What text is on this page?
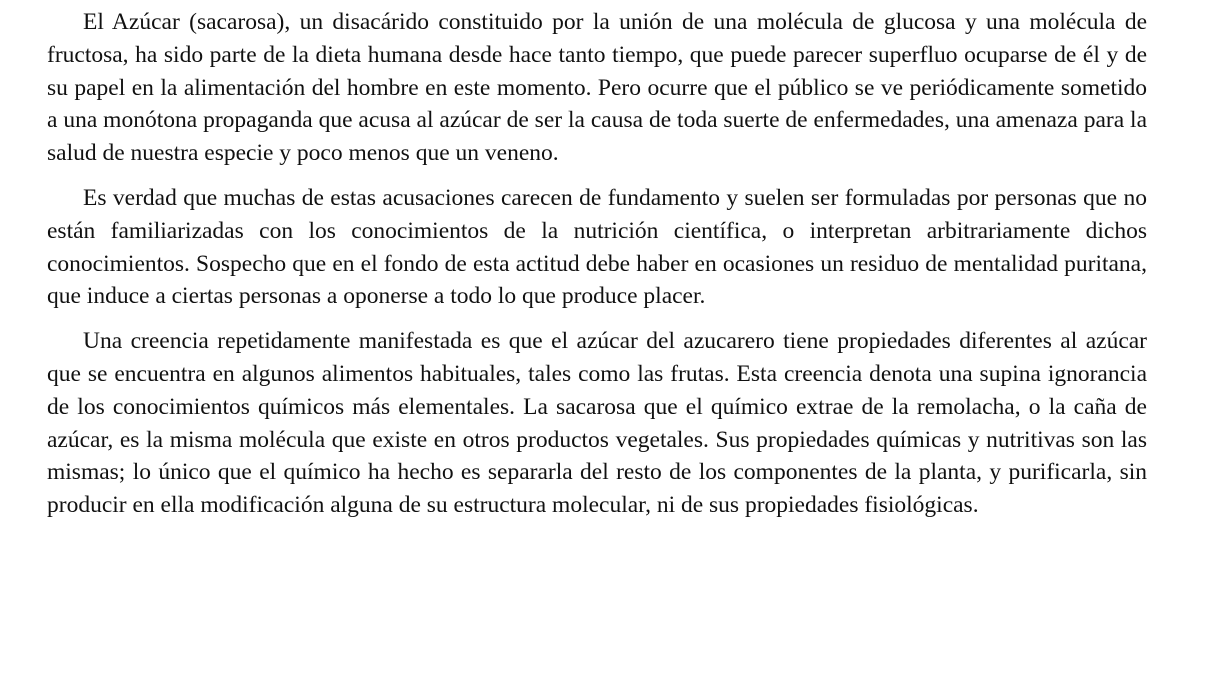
El Azúcar (sacarosa), un disacárido constituido por la unión de una molécula de glucosa y una molécula de fructosa, ha sido parte de la dieta humana desde hace tanto tiempo, que puede parecer superfluo ocuparse de él y de su papel en la alimentación del hombre en este momento. Pero ocurre que el público se ve periódicamente sometido a una monótona propaganda que acusa al azúcar de ser la causa de toda suerte de enfermedades, una amenaza para la salud de nuestra especie y poco menos que un veneno.

Es verdad que muchas de estas acusaciones carecen de fundamento y suelen ser formuladas por personas que no están familiarizadas con los conocimientos de la nutrición científica, o interpretan arbitrariamente dichos conocimientos. Sospecho que en el fondo de esta actitud debe haber en ocasiones un residuo de mentalidad puritana, que induce a ciertas personas a oponerse a todo lo que produce placer.

Una creencia repetidamente manifestada es que el azúcar del azucarero tiene propiedades diferentes al azúcar que se encuentra en algunos alimentos habituales, tales como las frutas. Esta creencia denota una supina ignorancia de los conocimientos químicos más elementales. La sacarosa que el químico extrae de la remolacha, o la caña de azúcar, es la misma molécula que existe en otros productos vegetales. Sus propiedades químicas y nutritivas son las mismas; lo único que el químico ha hecho es separarla del resto de los componentes de la planta, y purificarla, sin producir en ella modificación alguna de su estructura molecular, ni de sus propiedades fisiológicas.
